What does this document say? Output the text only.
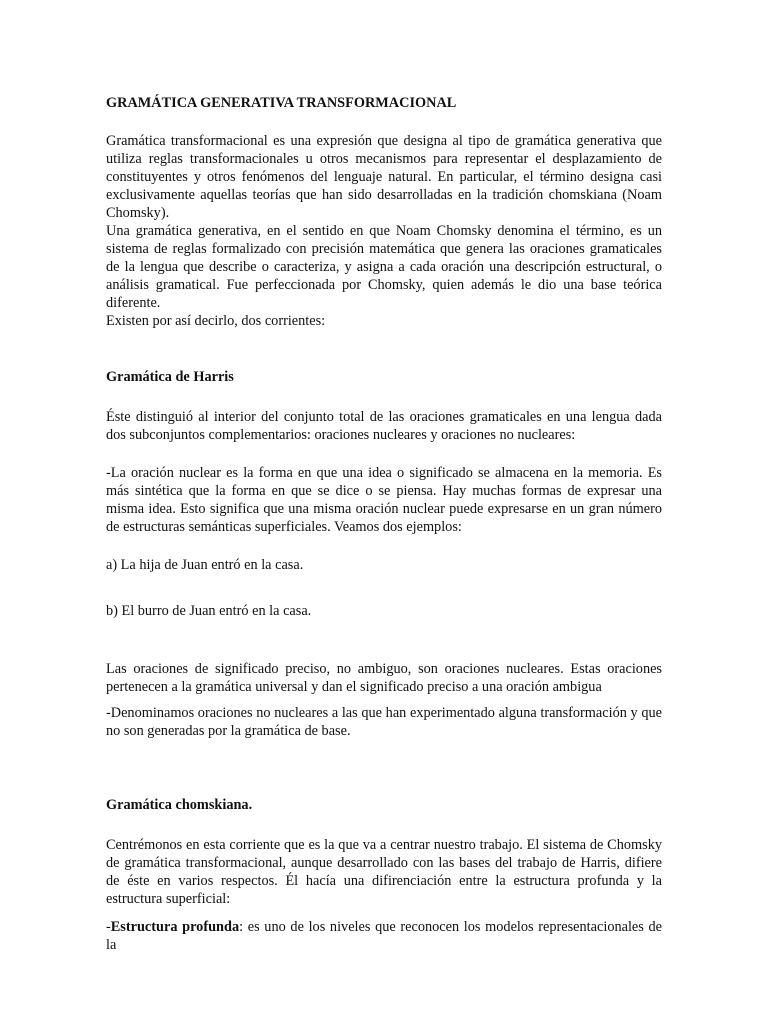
GRAMÁTICA GENERATIVA TRANSFORMACIONAL

Gramática transformacional es una expresión que designa al tipo de gramática generativa que utiliza reglas transformacionales u otros mecanismos para representar el desplazamiento de constituyentes y otros fenómenos del lenguaje natural. En particular, el término designa casi exclusivamente aquellas teorías que han sido desarrolladas en la tradición chomskiana (Noam Chomsky).

Una gramática generativa, en el sentido en que Noam Chomsky denomina el término, es un sistema de reglas formalizado con precisión matemática que genera las oraciones gramaticales de la lengua que describe o caracteriza, y asigna a cada oración una descripción estructural, o análisis gramatical. Fue perfeccionada por Chomsky, quien además le dio una base teórica diferente.

Existen por así decirlo, dos corrientes:

Gramática de Harris

Éste distinguió al interior del conjunto total de las oraciones gramaticales en una lengua dada dos subconjuntos complementarios: oraciones nucleares y oraciones no nucleares:

-La oración nuclear es la forma en que una idea o significado se almacena en la memoria. Es más sintética que la forma en que se dice o se piensa. Hay muchas formas de expresar una misma idea. Esto significa que una misma oración nuclear puede expresarse en un gran número de estructuras semánticas superficiales. Veamos dos ejemplos:

a) La hija de Juan entró en la casa.

b) El burro de Juan entró en la casa.

Las oraciones de significado preciso, no ambiguo, son oraciones nucleares. Estas oraciones pertenecen a la gramática universal y dan el significado preciso a una oración ambigua

-Denominamos oraciones no nucleares a las que han experimentado alguna transformación y que no son generadas por la gramática de base.

Gramática chomskiana.

Centrémonos en esta corriente que es la que va a centrar nuestro trabajo. El sistema de Chomsky de gramática transformacional, aunque desarrollado con las bases del trabajo de Harris, difiere de éste en varios respectos. Él hacía una difirenciación entre la estructura profunda y la estructura superficial:

-Estructura profunda: es uno de los niveles que reconocen los modelos representacionales de la
